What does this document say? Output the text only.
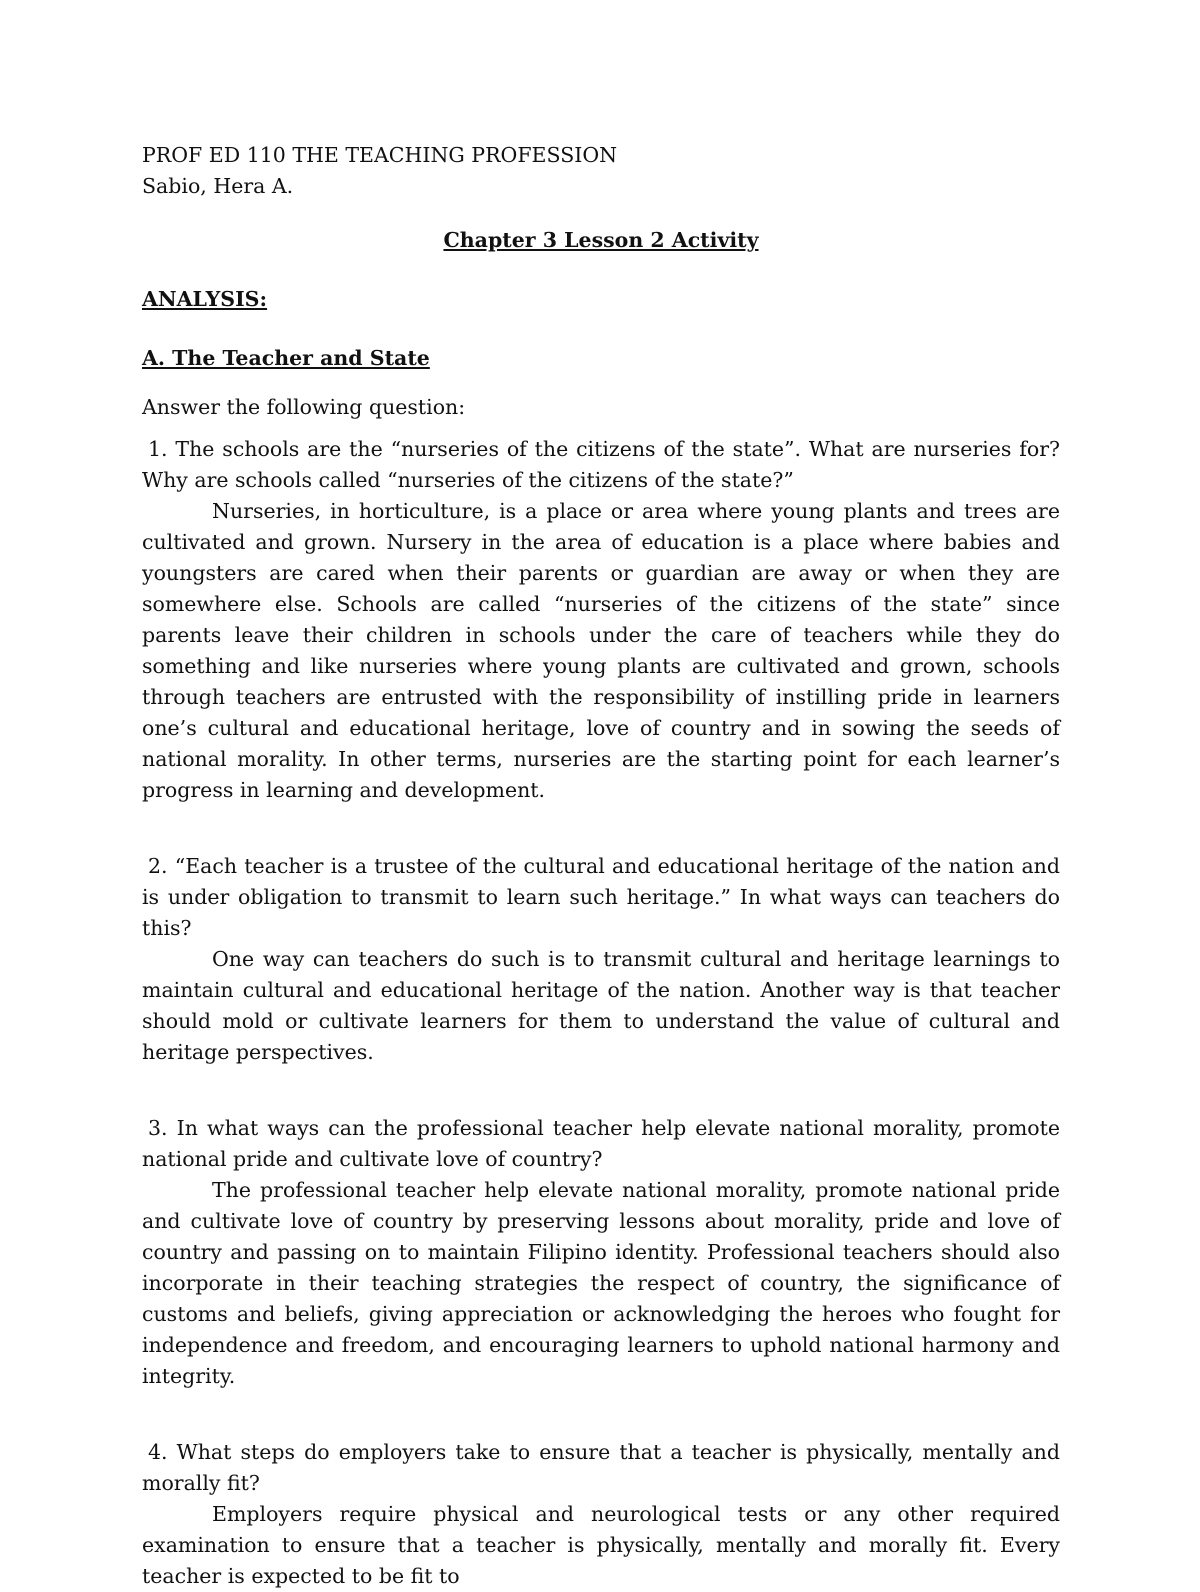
PROF ED 110 THE TEACHING PROFESSION
Sabio, Hera A.

Chapter 3 Lesson 2 Activity

ANALYSIS:

A. The Teacher and State

Answer the following question:

1. The schools are the “nurseries of the citizens of the state”. What are nurseries for? Why are schools called “nurseries of the citizens of the state?”

Nurseries, in horticulture, is a place or area where young plants and trees are cultivated and grown. Nursery in the area of education is a place where babies and youngsters are cared when their parents or guardian are away or when they are somewhere else. Schools are called “nurseries of the citizens of the state” since parents leave their children in schools under the care of teachers while they do something and like nurseries where young plants are cultivated and grown, schools through teachers are entrusted with the responsibility of instilling pride in learners one’s cultural and educational heritage, love of country and in sowing the seeds of national morality. In other terms, nurseries are the starting point for each learner’s progress in learning and development.

2. “Each teacher is a trustee of the cultural and educational heritage of the nation and is under obligation to transmit to learn such heritage.” In what ways can teachers do this?

One way can teachers do such is to transmit cultural and heritage learnings to maintain cultural and educational heritage of the nation. Another way is that teacher should mold or cultivate learners for them to understand the value of cultural and heritage perspectives.

3. In what ways can the professional teacher help elevate national morality, promote national pride and cultivate love of country?

The professional teacher help elevate national morality, promote national pride and cultivate love of country by preserving lessons about morality, pride and love of country and passing on to maintain Filipino identity. Professional teachers should also incorporate in their teaching strategies the respect of country, the significance of customs and beliefs, giving appreciation or acknowledging the heroes who fought for independence and freedom, and encouraging learners to uphold national harmony and integrity.

4. What steps do employers take to ensure that a teacher is physically, mentally and morally fit?

Employers require physical and neurological tests or any other required examination to ensure that a teacher is physically, mentally and morally fit. Every teacher is expected to be fit to
